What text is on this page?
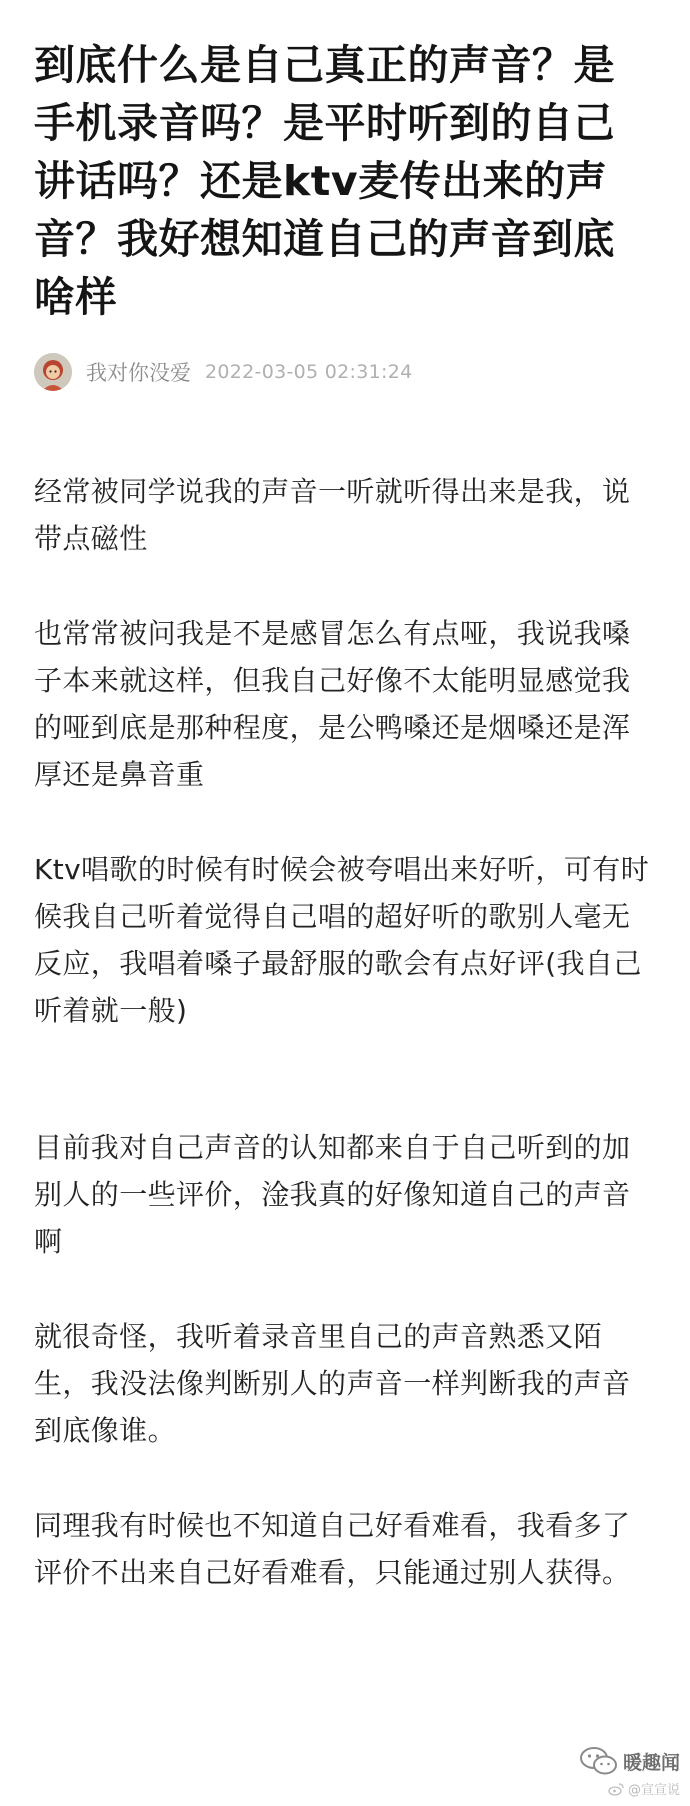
到底什么是自己真正的声音？是手机录音吗？是平时听到的自己讲话吗？还是ktv麦传出来的声音？我好想知道自己的声音到底啥样
我对你没爱 2022-03-05 02:31:24

经常被同学说我的声音一听就听得出来是我，说带点磁性

也常常被问我是不是感冒怎么有点哑，我说我嗓子本来就这样，但我自己好像不太能明显感觉我的哑到底是那种程度，是公鸭嗓还是烟嗓还是浑厚还是鼻音重

Ktv唱歌的时候有时候会被夸唱出来好听，可有时候我自己听着觉得自己唱的超好听的歌别人毫无反应，我唱着嗓子最舒服的歌会有点好评(我自己听着就一般)

目前我对自己声音的认知都来自于自己听到的加别人的一些评价，淦我真的好像知道自己的声音啊

就很奇怪，我听着录音里自己的声音熟悉又陌生，我没法像判断别人的声音一样判断我的声音到底像谁。

同理我有时候也不知道自己好看难看，我看多了评价不出来自己好看难看，只能通过别人获得。

暖趣闻
@宣宣说
